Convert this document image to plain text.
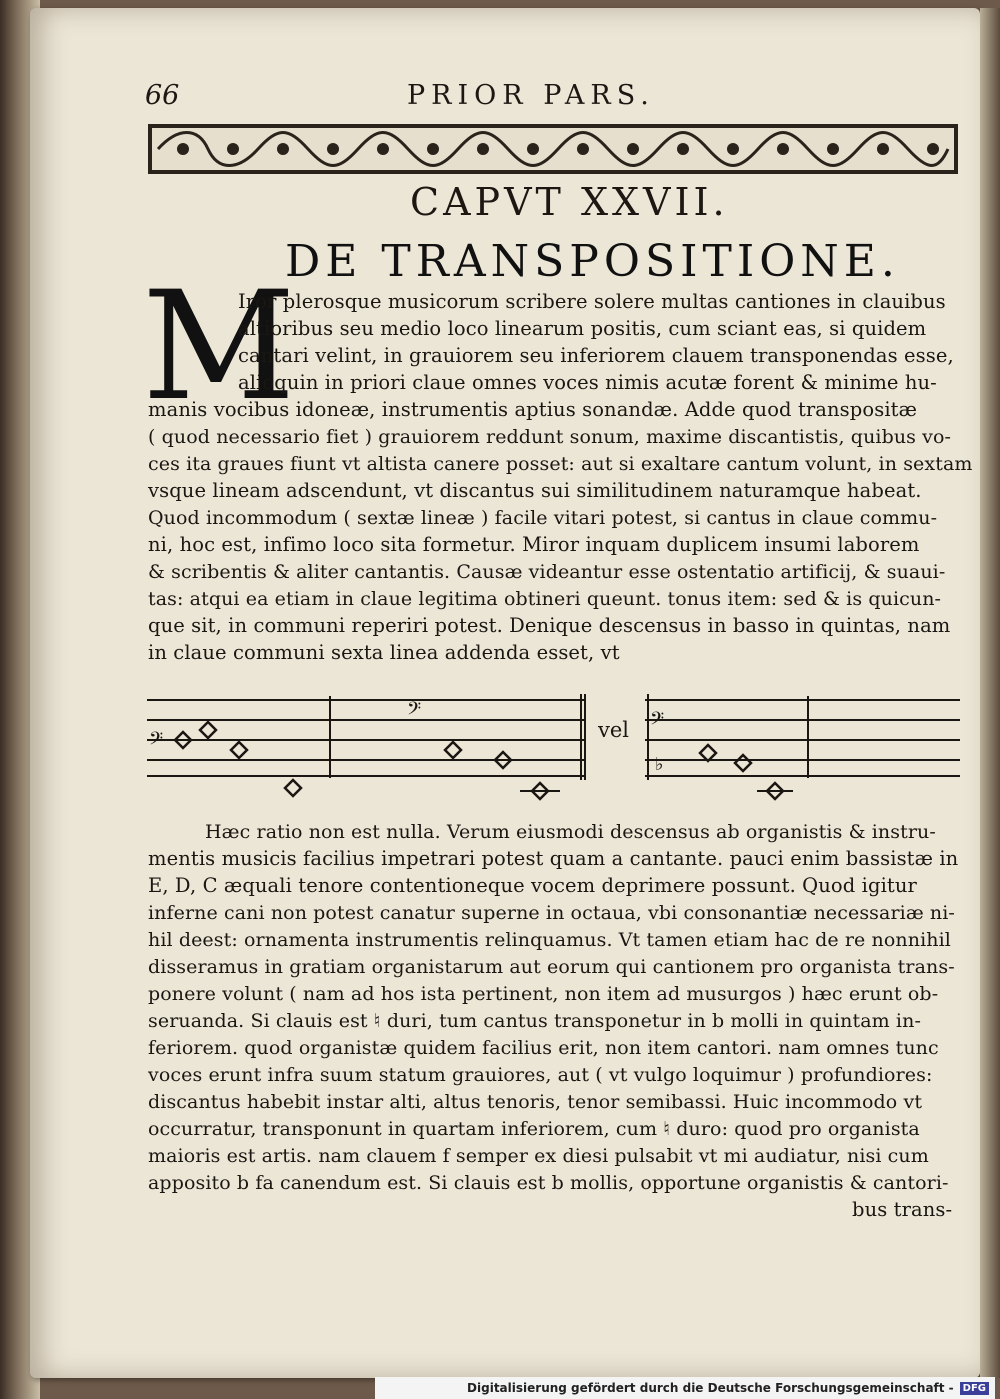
66	PRIOR PARS.
CAPVT XXVII.
DE TRANSPOSITIONE.
M
Iror plerosque musicorum scribere solere multas cantiones in clauibus
altioribus seu medio loco linearum positis, cum sciant eas, si quidem
cantari velint, in grauiorem seu inferiorem clauem transponendas esse,
alioquin in priori claue omnes voces nimis acutæ forent & minime hu-
manis vocibus idoneæ, instrumentis aptius sonandæ. Adde quod transpositæ
( quod necessario fiet ) grauiorem reddunt sonum, maxime discantistis, quibus vo-
ces ita graues fiunt vt altista canere posset: aut si exaltare cantum volunt, in sextam
vsque lineam adscendunt, vt discantus sui similitudinem naturamque habeat.
Quod incommodum ( sextæ lineæ ) facile vitari potest, si cantus in claue commu-
ni, hoc est, infimo loco sita formetur. Miror inquam duplicem insumi laborem
& scribentis & aliter cantantis. Causæ videantur esse ostentatio artificij, & suaui-
tas: atqui ea etiam in claue legitima obtineri queunt. tonus item: sed & is quicun-
que sit, in communi reperiri potest. Denique descensus in basso in quintas, nam
in claue communi sexta linea addenda esset, vt
𝄢
𝄢	𝄢
♭
vel
Hæc ratio non est nulla. Verum eiusmodi descensus ab organistis & instru-
mentis musicis facilius impetrari potest quam a cantante. pauci enim bassistæ in
E, D, C æquali tenore contentioneque vocem deprimere possunt. Quod igitur
inferne cani non potest canatur superne in octaua, vbi consonantiæ necessariæ ni-
hil deest: ornamenta instrumentis relinquamus. Vt tamen etiam hac de re nonnihil
disseramus in gratiam organistarum aut eorum qui cantionem pro organista trans-
ponere volunt ( nam ad hos ista pertinent, non item ad musurgos ) hæc erunt ob-
seruanda. Si clauis est ♮ duri, tum cantus transponetur in b molli in quintam in-
feriorem. quod organistæ quidem facilius erit, non item cantori. nam omnes tunc
voces erunt infra suum statum grauiores, aut ( vt vulgo loquimur ) profundiores:
discantus habebit instar alti, altus tenoris, tenor semibassi. Huic incommodo vt
occurratur, transponunt in quartam inferiorem, cum ♮ duro: quod pro organista
maioris est artis. nam clauem f semper ex diesi pulsabit vt mi audiatur, nisi cum
apposito b fa canendum est. Si clauis est b mollis, opportune organistis & cantori-
bus trans-
Digitalisierung gefördert durch die Deutsche Forschungsgemeinschaft - DFG
